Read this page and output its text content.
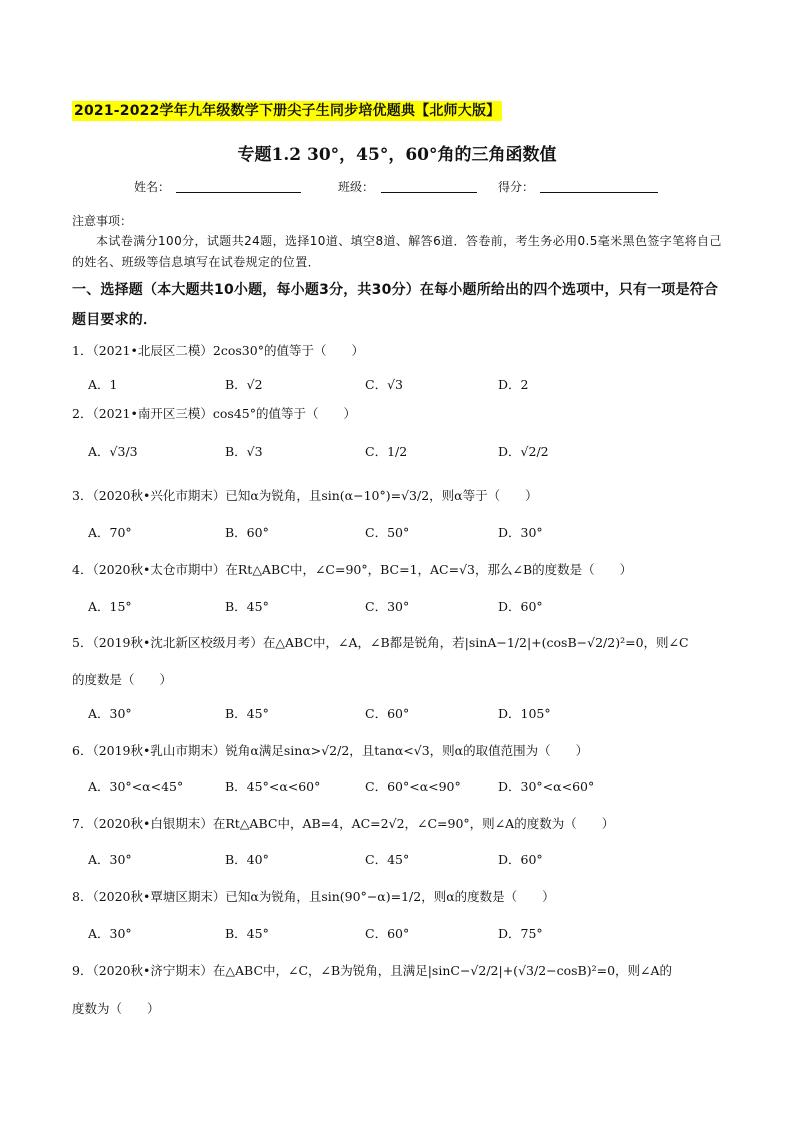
2021-2022学年九年级数学下册尖子生同步培优题典【北师大版】
专题1.2 30°，45°，60°角的三角函数值
姓名：	班级：	得分：
注意事项：
本试卷满分100分，试题共24题，选择10道、填空8道、解答6道．答卷前，考生务必用0.5毫米黑色签字笔将自己的姓名、班级等信息填写在试卷规定的位置．
一、选择题（本大题共10小题，每小题3分，共30分）在每小题所给出的四个选项中，只有一项是符合题目要求的．
1．（2021•北辰区二模）2cos30°的值等于（　　）
A．1	B．√2	C．√3	D．2
2．（2021•南开区三模）cos45°的值等于（　　）
A．√3/3	B．√3	C．1/2	D．√2/2
3．（2020秋•兴化市期末）已知α为锐角，且sin(α−10°)=√3/2，则α等于（　　）
A．70°	B．60°	C．50°	D．30°
4．（2020秋•太仓市期中）在Rt△ABC中，∠C=90°，BC=1，AC=√3，那么∠B的度数是（　　）
A．15°	B．45°	C．30°	D．60°
5．（2019秋•沈北新区校级月考）在△ABC中，∠A，∠B都是锐角，若|sinA−1/2|+(cosB−√2/2)²=0，则∠C
的度数是（　　）
A．30°	B．45°	C．60°	D．105°
6．（2019秋•乳山市期末）锐角α满足sinα>√2/2，且tanα<√3，则α的取值范围为（　　）
A．30°<α<45°	B．45°<α<60°	C．60°<α<90°	D．30°<α<60°
7．（2020秋•白银期末）在Rt△ABC中，AB=4，AC=2√2，∠C=90°，则∠A的度数为（　　）
A．30°	B．40°	C．45°	D．60°
8．（2020秋•覃塘区期末）已知α为锐角，且sin(90°−α)=1/2，则α的度数是（　　）
A．30°	B．45°	C．60°	D．75°
9．（2020秋•济宁期末）在△ABC中，∠C，∠B为锐角，且满足|sinC−√2/2|+(√3/2−cosB)²=0，则∠A的
度数为（　　）
